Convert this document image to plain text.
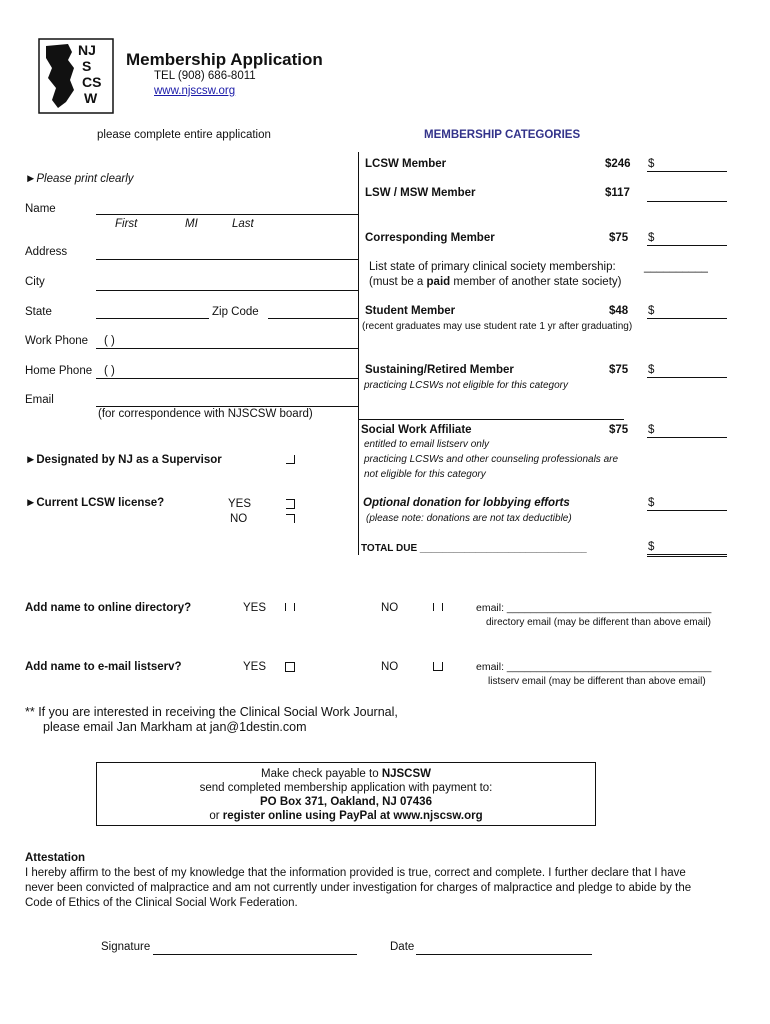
NJ
S
CS
W
Membership Application
TEL (908) 686-8011
www.njscsw.org
please complete entire application	MEMBERSHIP CATEGORIES
►Please print clearly
Name
First	MI	Last
Address
City
State	Zip Code
Work Phone ( )
Home Phone ( )
Email
(for correspondence with NJSCSW board)
►Designated by NJ as a Supervisor
►Current LCSW license?	YES
NO
LCSW Member	$246 $
LSW / MSW Member	$117
Corresponding Member	$75 $
List state of primary clinical society membership: __________
(must be a paid member of another state society)
Student Member	$48 $
(recent graduates may use student rate 1 yr after graduating)
Sustaining/Retired Member	$75 $
practicing LCSWs not eligible for this category
Social Work Affiliate	$75 $
entitled to email listserv only
practicing LCSWs and other counseling professionals are
not eligible for this category
Optional donation for lobbying efforts	$
(please note: donations are not tax deductible)
TOTAL DUE ______________________________	$
Add name to online directory?	YES	NO	email: ___________________________________
directory email (may be different than above email)
Add name to e-mail listserv?	YES	NO	email: ___________________________________
listserv email (may be different than above email)
** If you are interested in receiving the Clinical Social Work Journal,
please email Jan Markham at jan@1destin.com
Make check payable to NJSCSW
send completed membership application with payment to:
PO Box 371, Oakland, NJ 07436
or register online using PayPal at www.njscsw.org
Attestation
I hereby affirm to the best of my knowledge that the information provided is true, correct and complete. I further declare that I have never been convicted of malpractice and am not currently under investigation for charges of malpractice and pledge to abide by the Code of Ethics of the Clinical Social Work Federation.
Signature	Date
